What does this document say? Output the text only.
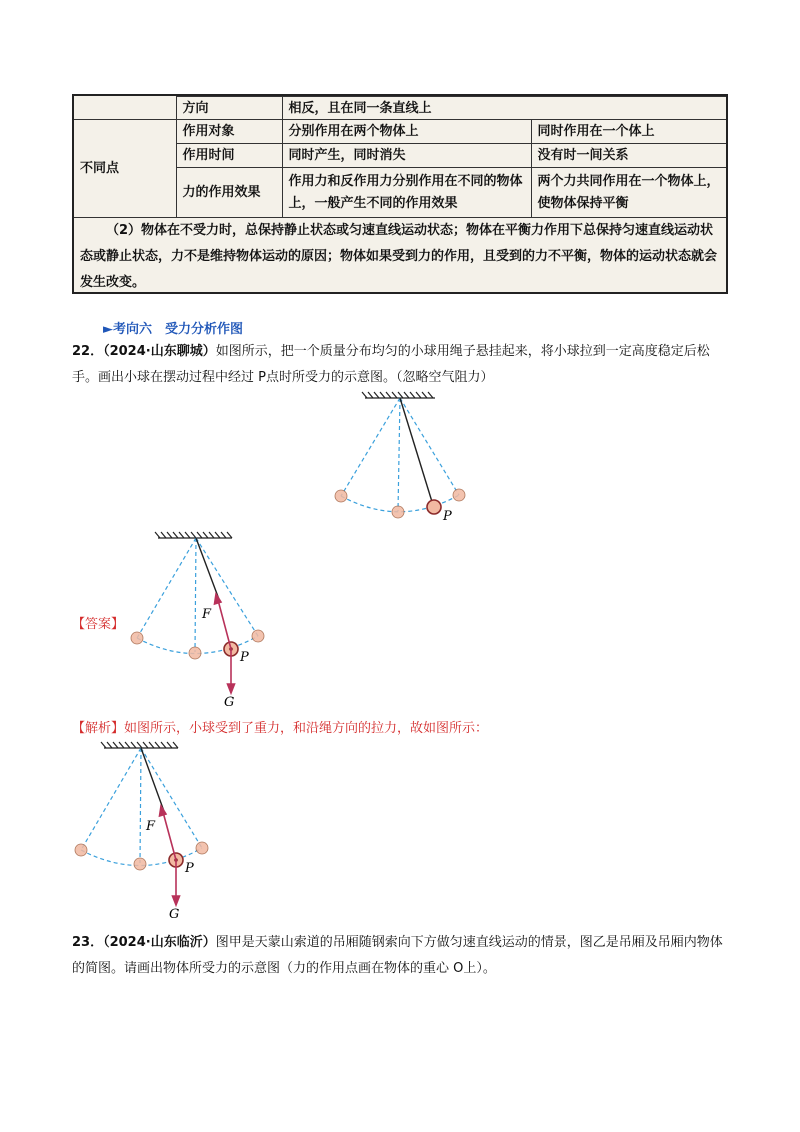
	方向	相反，且在同一条直线上	
不同点	作用对象	分别作用在两个物体上	同时作用在一个体上
	作用时间	同时产生，同时消失	没有时一间关系
	力的作用效果	作用力和反作用力分别作用在不同的物体上，一般产生不同的作用效果	两个力共同作用在一个物体上，使物体保持平衡
（2）物体在不受力时，总保持静止状态或匀速直线运动状态；物体在平衡力作用下总保持匀速直线运动状态或静止状态，力不是维持物体运动的原因；物体如果受到力的作用，且受到的力不平衡，物体的运动状态就会发生改变。
►考向六　受力分析作图
22．（2024·山东聊城）如图所示，把一个质量分布均匀的小球用绳子悬挂起来，将小球拉到一定高度稳定后松手。画出小球在摆动过程中经过 P点时所受力的示意图。（忽略空气阻力）
P
【答案】
F
P
G
【解析】如图所示，小球受到了重力，和沿绳方向的拉力，故如图所示：
F
P
G
23．（2024·山东临沂）图甲是天蒙山索道的吊厢随钢索向下方做匀速直线运动的情景，图乙是吊厢及吊厢内物体的简图。请画出物体所受力的示意图（力的作用点画在物体的重心 O上）。
